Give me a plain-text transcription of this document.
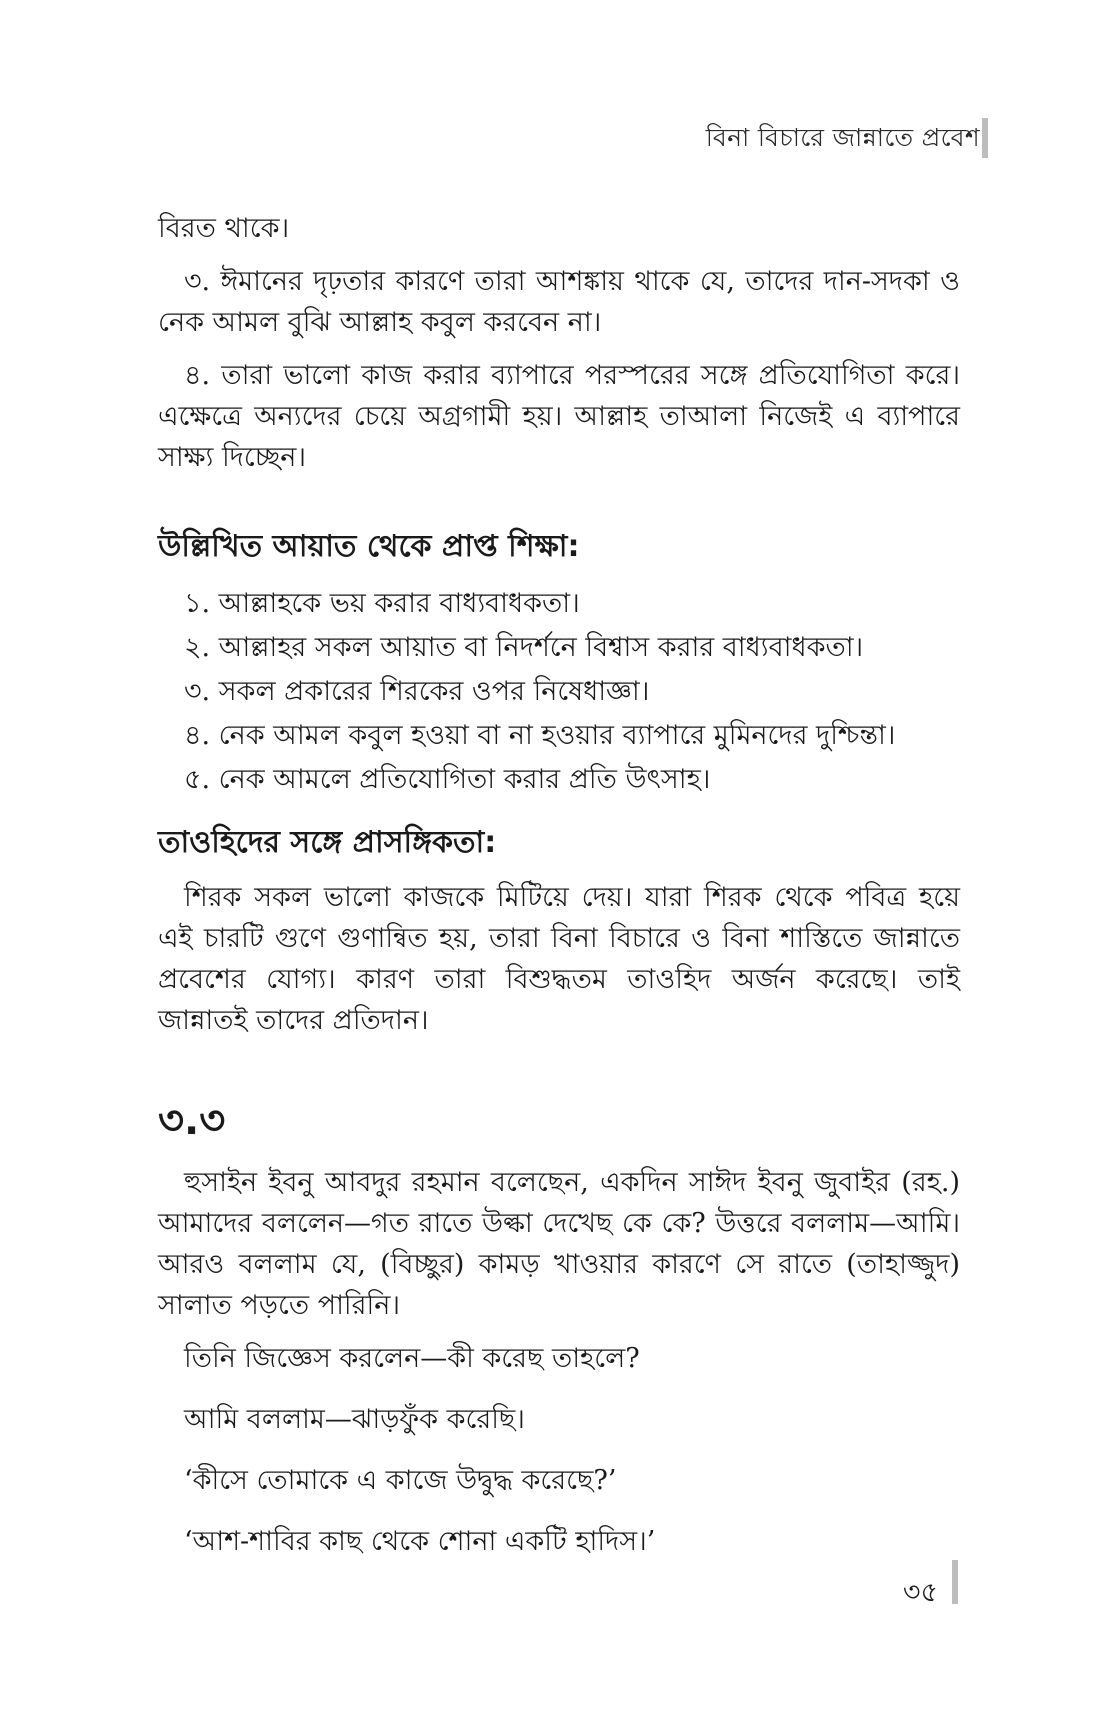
বিনা বিচারে জান্নাতে প্রবেশ

বিরত থাকে।

৩. ঈমানের দৃঢ়তার কারণে তারা আশঙ্কায় থাকে যে, তাদের দান-সদকা ও নেক আমল বুঝি আল্লাহ কবুল করবেন না।

৪. তারা ভালো কাজ করার ব্যাপারে পরস্পরের সঙ্গে প্রতিযোগিতা করে। এক্ষেত্রে অন্যদের চেয়ে অগ্রগামী হয়। আল্লাহ তাআলা নিজেই এ ব্যাপারে সাক্ষ্য দিচ্ছেন।

উল্লিখিত আয়াত থেকে প্রাপ্ত শিক্ষা:
১. আল্লাহকে ভয় করার বাধ্যবাধকতা।
২. আল্লাহর সকল আয়াত বা নিদর্শনে বিশ্বাস করার বাধ্যবাধকতা।
৩. সকল প্রকারের শিরকের ওপর নিষেধাজ্ঞা।
৪. নেক আমল কবুল হওয়া বা না হওয়ার ব্যাপারে মুমিনদের দুশ্চিন্তা।
৫. নেক আমলে প্রতিযোগিতা করার প্রতি উৎসাহ।
তাওহিদের সঙ্গে প্রাসঙ্গিকতা:

শিরক সকল ভালো কাজকে মিটিয়ে দেয়। যারা শিরক থেকে পবিত্র হয়ে এই চারটি গুণে গুণান্বিত হয়, তারা বিনা বিচারে ও বিনা শাস্তিতে জান্নাতে প্রবেশের যোগ্য। কারণ তারা বিশুদ্ধতম তাওহিদ অর্জন করেছে। তাই জান্নাতই তাদের প্রতিদান।

৩.৩

হুসাইন ইবনু আবদুর রহমান বলেছেন, একদিন সাঈদ ইবনু জুবাইর (রহ.) আমাদের বললেন—গত রাতে উল্কা দেখেছ কে কে? উত্তরে বললাম—আমি। আরও বললাম যে, (বিচ্ছুর) কামড় খাওয়ার কারণে সে রাতে (তাহাজ্জুদ) সালাত পড়তে পারিনি।

তিনি জিজ্ঞেস করলেন—কী করেছ তাহলে?

আমি বললাম—ঝাড়ফুঁক করেছি।

‘কীসে তোমাকে এ কাজে উদ্বুদ্ধ করেছে?’

‘আশ-শাবির কাছ থেকে শোনা একটি হাদিস।’

৩৫
